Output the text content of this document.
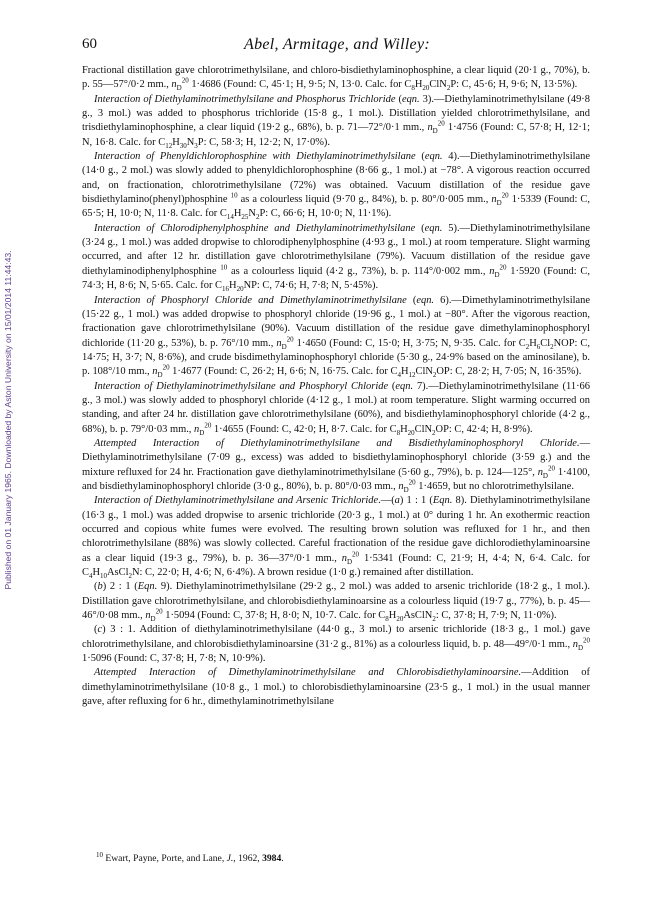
Published on 01 January 1965. Downloaded by Aston University on 15/01/2014 11:44:43.
60	Abel, Armitage, and Willey:

Fractional distillation gave chlorotrimethylsilane, and chloro-bisdiethylaminophosphine, a clear liquid (20·1 g., 70%), b. p. 55—57°/0·2 mm., $n_D^{20}$ 1·4686 (Found: C, 45·1; H, 9·5; N, 13·0. Calc. for $C_8H_{20}ClN_2P$: C, 45·6; H, 9·6; N, 13·5%).

Interaction of Diethylaminotrimethylsilane and Phosphorus Trichloride (eqn. 3).—Diethylaminotrimethylsilane (49·8 g., 3 mol.) was added to phosphorus trichloride (15·8 g., 1 mol.). Distillation yielded chlorotrimethylsilane, and trisdiethylaminophosphine, a clear liquid (19·2 g., 68%), b. p. 71—72°/0·1 mm., $n_D^{20}$ 1·4756 (Found: C, 57·8; H, 12·1; N, 16·8. Calc. for $C_{12}H_{30}N_3P$: C, 58·3; H, 12·2; N, 17·0%).

Interaction of Phenyldichlorophosphine with Diethylaminotrimethylsilane (eqn. 4).—Diethylaminotrimethylsilane (14·0 g., 2 mol.) was slowly added to phenyldichlorophosphine (8·66 g., 1 mol.) at −78°. A vigorous reaction occurred and, on fractionation, chlorotrimethylsilane (72%) was obtained. Vacuum distillation of the residue gave bisdiethylamino(phenyl)phosphine $^{10}$ as a colourless liquid (9·70 g., 84%), b. p. 80°/0·005 mm., $n_D^{20}$ 1·5339 (Found: C, 65·5; H, 10·0; N, 11·8. Calc. for $C_{14}H_{25}N_2P$: C, 66·6; H, 10·0; N, 11·1%).

Interaction of Chlorodiphenylphosphine and Diethylaminotrimethylsilane (eqn. 5).—Diethylaminotrimethylsilane (3·24 g., 1 mol.) was added dropwise to chlorodiphenylphosphine (4·93 g., 1 mol.) at room temperature. Slight warming occurred, and after 12 hr. distillation gave chlorotrimethylsilane (79%). Vacuum distillation of the residue gave diethylaminodiphenylphosphine $^{10}$ as a colourless liquid (4·2 g., 73%), b. p. 114°/0·002 mm., $n_D^{20}$ 1·5920 (Found: C, 74·3; H, 8·6; N, 5·65. Calc. for $C_{16}H_{20}NP$: C, 74·6; H, 7·8; N, 5·45%).

Interaction of Phosphoryl Chloride and Dimethylaminotrimethylsilane (eqn. 6).—Dimethylaminotrimethylsilane (15·22 g., 1 mol.) was added dropwise to phosphoryl chloride (19·96 g., 1 mol.) at −80°. After the vigorous reaction, fractionation gave chlorotrimethylsilane (90%). Vacuum distillation of the residue gave dimethylaminophosphoryl dichloride (11·20 g., 53%), b. p. 76°/10 mm., $n_D^{20}$ 1·4650 (Found: C, 15·0; H, 3·75; N, 9·35. Calc. for $C_2H_6Cl_2NOP$: C, 14·75; H, 3·7; N, 8·6%), and crude bisdimethylaminophosphoryl chloride (5·30 g., 24·9% based on the aminosilane), b. p. 108°/10 mm., $n_D^{20}$ 1·4677 (Found: C, 26·2; H, 6·6; N, 16·75. Calc. for $C_4H_{12}ClN_2OP$: C, 28·2; H, 7·05; N, 16·35%).

Interaction of Diethylaminotrimethylsilane and Phosphoryl Chloride (eqn. 7).—Diethylaminotrimethylsilane (11·66 g., 3 mol.) was slowly added to phosphoryl chloride (4·12 g., 1 mol.) at room temperature. Slight warming occurred on standing, and after 24 hr. distillation gave chlorotrimethylsilane (60%), and bisdiethylaminophosphoryl chloride (4·2 g., 68%), b. p. 79°/0·03 mm., $n_D^{20}$ 1·4655 (Found: C, 42·0; H, 8·7. Calc. for $C_8H_{20}ClN_2OP$: C, 42·4; H, 8·9%).

Attempted Interaction of Diethylaminotrimethylsilane and Bisdiethylaminophosphoryl Chloride.—Diethylaminotrimethylsilane (7·09 g., excess) was added to bisdiethylaminophosphoryl chloride (3·59 g.) and the mixture refluxed for 24 hr. Fractionation gave diethylaminotrimethylsilane (5·60 g., 79%), b. p. 124—125°, $n_D^{20}$ 1·4100, and bisdiethylaminophosphoryl chloride (3·0 g., 80%), b. p. 80°/0·03 mm., $n_D^{20}$ 1·4659, but no chlorotrimethylsilane.

Interaction of Diethylaminotrimethylsilane and Arsenic Trichloride.—(a) 1 : 1 (Eqn. 8). Diethylaminotrimethylsilane (16·3 g., 1 mol.) was added dropwise to arsenic trichloride (20·3 g., 1 mol.) at 0° during 1 hr. An exothermic reaction occurred and copious white fumes were evolved. The resulting brown solution was refluxed for 1 hr., and then chlorotrimethylsilane (88%) was slowly collected. Careful fractionation of the residue gave dichlorodiethylaminoarsine as a clear liquid (19·3 g., 79%), b. p. 36—37°/0·1 mm., $n_D^{20}$ 1·5341 (Found: C, 21·9; H, 4·4; N, 6·4. Calc. for $C_4H_{10}AsCl_2N$: C, 22·0; H, 4·6; N, 6·4%). A brown residue (1·0 g.) remained after distillation.

(b) 2 : 1 (Eqn. 9). Diethylaminotrimethylsilane (29·2 g., 2 mol.) was added to arsenic trichloride (18·2 g., 1 mol.). Distillation gave chlorotrimethylsilane, and chlorobisdiethylaminoarsine as a colourless liquid (19·7 g., 77%), b. p. 45—46°/0·08 mm., $n_D^{20}$ 1·5094 (Found: C, 37·8; H, 8·0; N, 10·7. Calc. for $C_8H_{20}AsClN_2$: C, 37·8; H, 7·9; N, 11·0%).

(c) 3 : 1. Addition of diethylaminotrimethylsilane (44·0 g., 3 mol.) to arsenic trichloride (18·3 g., 1 mol.) gave chlorotrimethylsilane, and chlorobisdiethylaminoarsine (31·2 g., 81%) as a colourless liquid, b. p. 48—49°/0·1 mm., $n_D^{20}$ 1·5096 (Found: C, 37·8; H, 7·8; N, 10·9%).

Attempted Interaction of Dimethylaminotrimethylsilane and Chlorobisdiethylaminoarsine.—Addition of dimethylaminotrimethylsilane (10·8 g., 1 mol.) to chlorobisdiethylaminoarsine (23·5 g., 1 mol.) in the usual manner gave, after refluxing for 6 hr., dimethylaminotrimethylsilane

$^{10}$ Ewart, Payne, Porte, and Lane, J., 1962, 3984.
